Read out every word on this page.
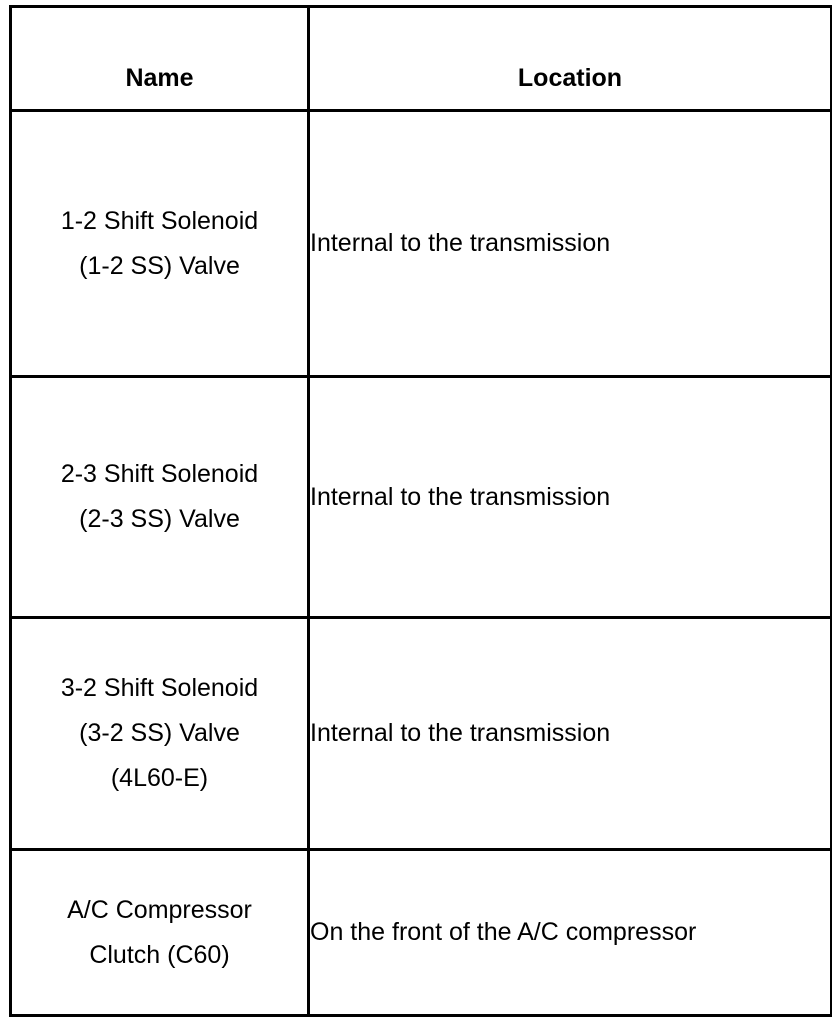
Name	Location

1-2 Shift Solenoid
(1-2 SS) Valve	Internal to the transmission

2-3 Shift Solenoid
(2-3 SS) Valve	Internal to the transmission

3-2 Shift Solenoid
(3-2 SS) Valve
(4L60-E)	Internal to the transmission

A/C Compressor
Clutch (C60)	On the front of the A/C compressor
